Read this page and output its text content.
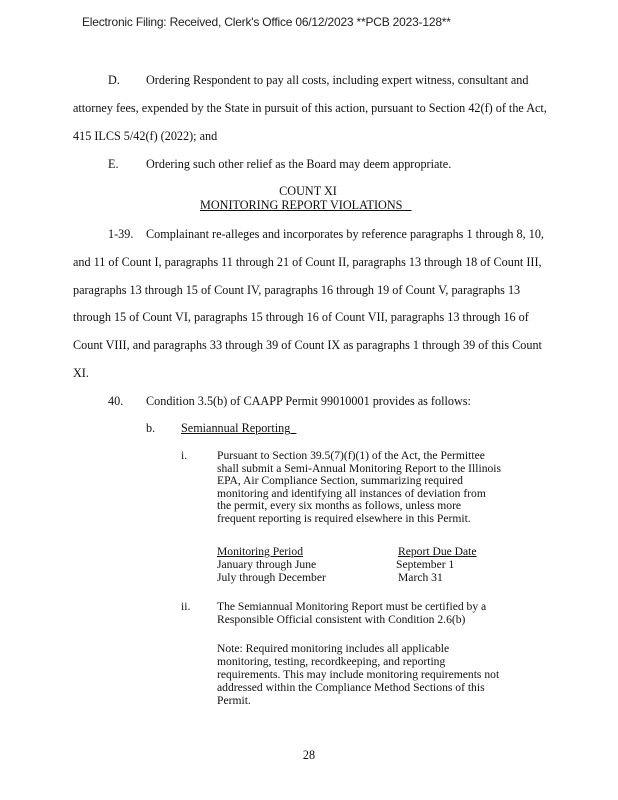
Electronic Filing: Received, Clerk's Office 06/12/2023 **PCB 2023-128**
D. Ordering Respondent to pay all costs, including expert witness, consultant and
attorney fees, expended by the State in pursuit of this action, pursuant to Section 42(f) of the Act,
415 ILCS 5/42(f) (2022); and
E. Ordering such other relief as the Board may deem appropriate.
COUNT XI
MONITORING REPORT VIOLATIONS
1-39. Complainant re-alleges and incorporates by reference paragraphs 1 through 8, 10,
and 11 of Count I, paragraphs 11 through 21 of Count II, paragraphs 13 through 18 of Count III,
paragraphs 13 through 15 of Count IV, paragraphs 16 through 19 of Count V, paragraphs 13
through 15 of Count VI, paragraphs 15 through 16 of Count VII, paragraphs 13 through 16 of
Count VIII, and paragraphs 33 through 39 of Count IX as paragraphs 1 through 39 of this Count
XI.
40. Condition 3.5(b) of CAAPP Permit 99010001 provides as follows:
b. Semiannual Reporting
i.	Pursuant to Section 39.5(7)(f)(1) of the Act, the Permittee
shall submit a Semi-Annual Monitoring Report to the Illinois
EPA, Air Compliance Section, summarizing required
monitoring and identifying all instances of deviation from
the permit, every six months as follows, unless more
frequent reporting is required elsewhere in this Permit.
Monitoring Period	Report Due Date
January through June	September 1
July through December	March 31
ii. The Semiannual Monitoring Report must be certified by a
Responsible Official consistent with Condition 2.6(b)
Note: Required monitoring includes all applicable
monitoring, testing, recordkeeping, and reporting
requirements. This may include monitoring requirements not
addressed within the Compliance Method Sections of this
Permit.
28
